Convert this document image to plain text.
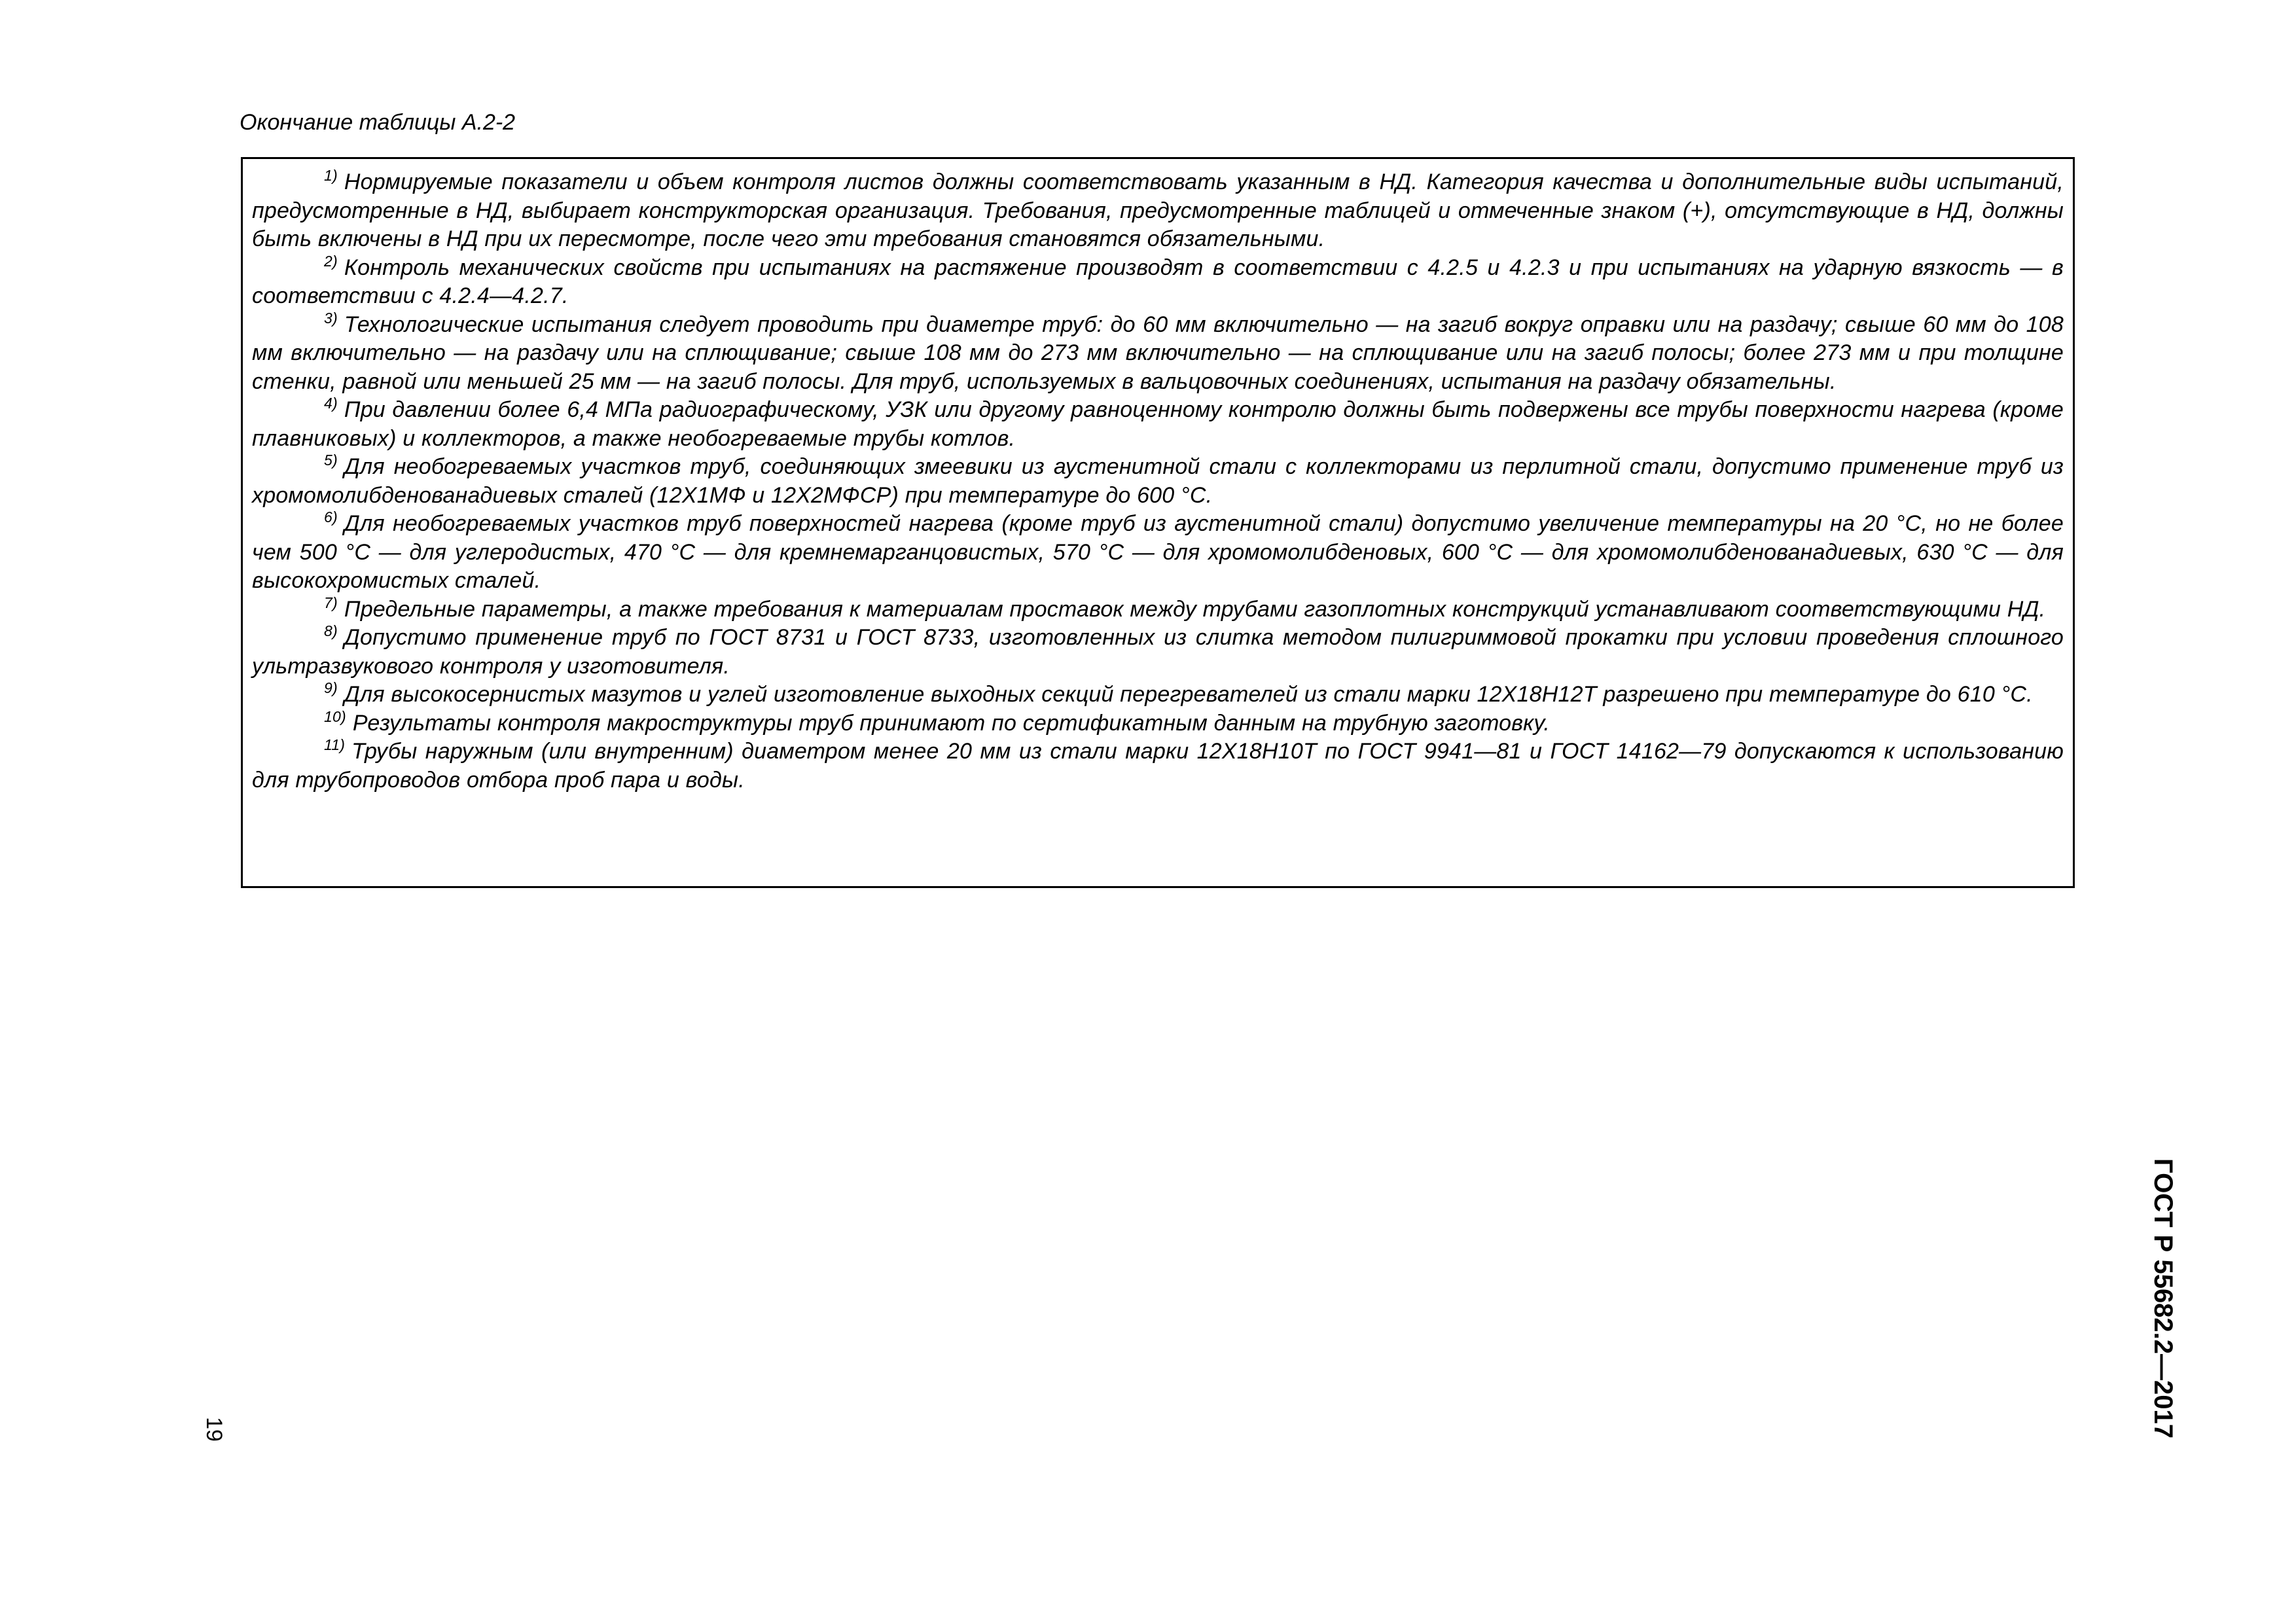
Окончание таблицы А.2-2

$^{1)}$ Нормируемые показатели и объем контроля листов должны соответствовать указанным в НД. Категория качества и дополнительные виды испытаний, предусмотренные в НД, выбирает конструкторская организация. Требования, предусмотренные таблицей и отмеченные знаком (+), отсутствующие в НД, должны быть включены в НД при их пересмотре, после чего эти требования становятся обязательными.

$^{2)}$ Контроль механических свойств при испытаниях на растяжение производят в соответствии с 4.2.5 и 4.2.3 и при испытаниях на ударную вязкость — в соответствии с 4.2.4—4.2.7.

$^{3)}$ Технологические испытания следует проводить при диаметре труб: до 60 мм включительно — на загиб вокруг оправки или на раздачу; свыше 60 мм до 108 мм включительно — на раздачу или на сплющивание; свыше 108 мм до 273 мм включительно — на сплющивание или на загиб полосы; более 273 мм и при толщине стенки, равной или меньшей 25 мм — на загиб полосы. Для труб, используемых в вальцовочных соединениях, испытания на раздачу обязательны.

$^{4)}$ При давлении более 6,4 МПа радиографическому, УЗК или другому равноценному контролю должны быть подвержены все трубы поверхности нагрева (кроме плавниковых) и коллекторов, а также необогреваемые трубы котлов.

$^{5)}$ Для необогреваемых участков труб, соединяющих змеевики из аустенитной стали с коллекторами из перлитной стали, допустимо применение труб из хромомолибденованадиевых сталей (12Х1МФ и 12Х2МФСР) при температуре до 600 °С.

$^{6)}$ Для необогреваемых участков труб поверхностей нагрева (кроме труб из аустенитной стали) допустимо увеличение температуры на 20 °С, но не более чем 500 °С — для углеродистых, 470 °С — для кремнемарганцовистых, 570 °С — для хромомолибденовых, 600 °С — для хромомолибденованадиевых, 630 °С — для высокохромистых сталей.

$^{7)}$ Предельные параметры, а также требования к материалам проставок между трубами газоплотных конструкций устанавливают соответствующими НД.

$^{8)}$ Допустимо применение труб по ГОСТ 8731 и ГОСТ 8733, изготовленных из слитка методом пилигриммовой прокатки при условии проведения сплошного ультразвукового контроля у изготовителя.

$^{9)}$ Для высокосернистых мазутов и углей изготовление выходных секций перегревателей из стали марки 12Х18Н12Т разрешено при температуре до 610 °С.

$^{10)}$ Результаты контроля макроструктуры труб принимают по сертификатным данным на трубную заготовку.

$^{11)}$ Трубы наружным (или внутренним) диаметром менее 20 мм из стали марки 12Х18Н10Т по ГОСТ 9941—81 и ГОСТ 14162—79 допускаются к использованию для трубопроводов отбора проб пара и воды.

19	ГОСТ Р 55682.2—2017
